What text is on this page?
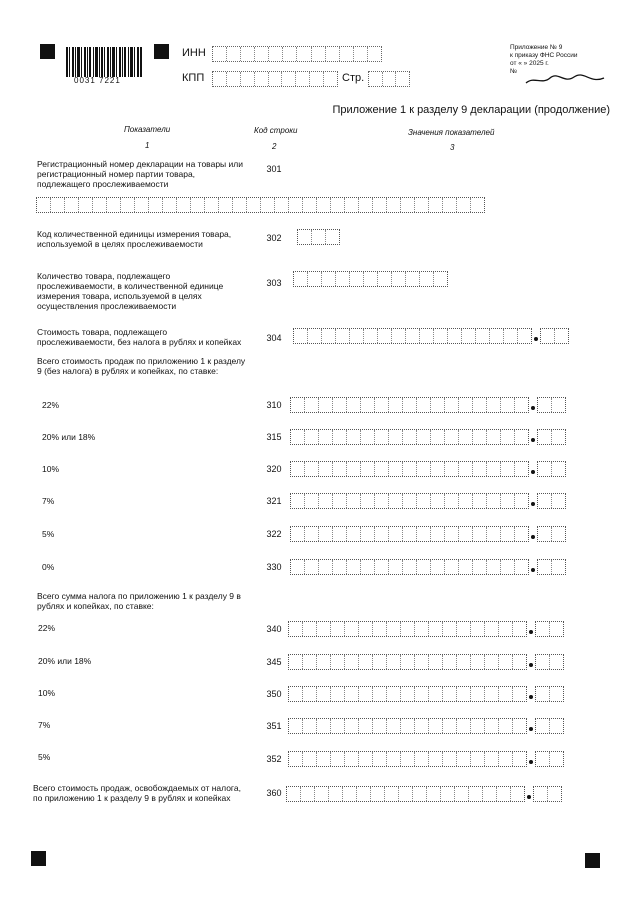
0031 7221
ИНН
КПП	Стр.
Приложение № 9
к приказу ФНС России
от « » 2025 г.
№
Приложение 1 к разделу 9 декларации (продолжение)
Показатели	Код строки	Значения показателей
1	2	3
Регистрационный номер декларации на товары или регистрационный номер партии товара, подлежащего прослеживаемости
301
Код количественной единицы измерения товара, используемой в целях прослеживаемости
302
Количество товара, подлежащего прослеживаемости, в количественной единице измерения товара, используемой в целях осуществления прослеживаемости
303
Стоимость товара, подлежащего прослеживаемости, без налога в рублях и копейках	304
Всего стоимость продаж по приложению 1 к разделу 9 (без налога) в рублях и копейках, по ставке:
22%	310
20% или 18%	315
10%	320
7%	321
5%	322
0%	330
Всего сумма налога по приложению 1 к разделу 9 в рублях и копейках, по ставке:
22%	340
20% или 18%	345
10%	350
7%	351
5%	352
Всего стоимость продаж, освобождаемых от налога, по приложению 1 к разделу 9 в рублях и копейках	360
